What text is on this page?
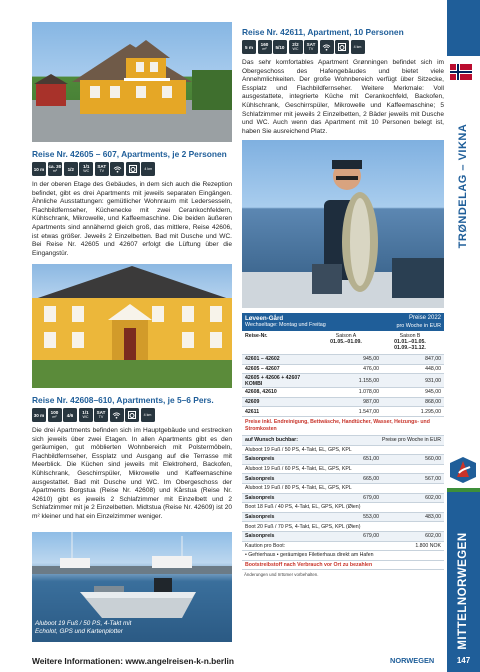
Aluboot 19 Fuß / 50 PS, 4-Takt mit Echolot, GPS und Kartenplotter
Reise Nr. 42611, Apartment, 10 Personen
5 m 160
m² 5/10 2/2
WC
SAT
TV
4 km
Das sehr komfortables Apartment Grønningen befindet sich im Obergeschoss des Hafengebäudes und bietet viele Annehmlichkeiten. Der große Wohnbereich verfügt über Sitzecke, Essplatz und Flachbildfernseher. Weitere Merkmale: Voll ausgestattete, integrierte Küche mit Cerankochfeld, Backofen, Kühlschrank, Geschirrspüler, Mikrowelle und Kaffeemaschine; 5 Schlafzimmer mit jeweils 2 Einzelbetten, 2 Bäder jeweils mit Dusche und WC. Auch wenn das Apartment mit 10 Personen belegt ist, haben Sie ausreichend Platz.
Reise Nr. 42605 – 607, Apartments, je 2 Personen
10 m ca. 30
m² 1/2 1/1
WC
SAT
TV
4 km
In der oberen Etage des Gebäudes, in dem sich auch die Rezeption befindet, gibt es drei Apartments mit jeweils separaten Eingängen. Ähnliche Ausstattungen: gemütlicher Wohnraum mit Ledersesseln, Flachbildfernseher, Küchenecke mit zwei Cerankochfeldern, Kühlschrank, Mikrowelle, und Kaffeemaschine. Die beiden äußeren Apartments sind annähernd gleich groß, das mittlere, Reise 42606, ist etwas größer. Jeweils 2 Einzelbetten. Bad mit Dusche und WC. Bei Reise Nr. 42605 und 42607 erfolgt die Lüftung über die Eingangstür.
Reise Nr. 42608–610, Apartments, je 5–6 Pers.
30 m 100
m² 4/6 1/1
WC
SAT
TV
4 km
Die drei Apartments befinden sich im Hauptgebäude und erstrecken sich jeweils über zwei Etagen. In allen Apartments gibt es den geräumigen, gut möblierten Wohnbereich mit Polstermöbeln, Flachbildfernseher, Essplatz und Ausgang auf die Terrasse mit Meerblick. Die Küchen sind jeweils mit Elektroherd, Backofen, Kühlschrank, Geschirrspüler, Mikrowelle und Kaffeemaschine ausgestattet. Bad mit Dusche und WC. Im Obergeschoss der Apartments Borgstua (Reise Nr. 42608) und Kårstua (Reise Nr. 42610) gibt es jeweils 2 Schlafzimmer mit Einzelbett und 2 Schlafzimmer mit je 2 Einzelbetten. Midtstua (Reise Nr. 42609) ist 20 m² kleiner und hat ein Einzelzimmer weniger.
Løveen-Gård
Wechseltage: Montag und Freitag
Preise 2022
pro Woche in EUR
Reise-Nr.	Saison A
01.05.–01.09.
Saison B
01.01.–01.05.
01.09.–31.12.
42601 – 42602	945,00	847,00
42605 – 42607	476,00	448,00
42605 + 42606 + 42607 KOMBI	1.155,00	931,00
42608, 42610	1.078,00	945,00
42609	987,00	868,00
42611	1.547,00	1.295,00
Preise inkl. Endreinigung, Bettwäsche, Handtücher, Wasser, Heizungs- und Stromkosten
auf Wunsch buchbar:	Preise pro Woche in EUR
Aluboot 19 Fuß / 50 PS, 4-Takt, EL, GPS, KPL
Saisonpreis	651,00	560,00
Aluboot 19 Fuß / 60 PS, 4-Takt, EL, GPS, KPL
Saisonpreis	665,00	567,00
Aluboot 19 Fuß / 80 PS, 4-Takt, EL, GPS, KPL
Saisonpreis	679,00	602,00
Boot 18 Fuß / 40 PS, 4-Takt, EL, GPS, KPL (Øien)
Saisonpreis	553,00	483,00
Boot 20 Fuß / 70 PS, 4-Takt, EL, GPS, KPL (Øien)
Saisonpreis	679,00	602,00
Kaution pro Boot:	1.800 NOK
• Gefrierhaus • geräumiges Filetierhaus direkt am Hafen
Bootstreibstoff nach Verbrauch vor Ort zu bezahlen
Änderungen und Irrtümer vorbehalten.
TRØNDELAG – VIKNA
MITTELNORWEGEN
147
Weitere Informationen: www.angelreisen-k-n.berlin	NORWEGEN
